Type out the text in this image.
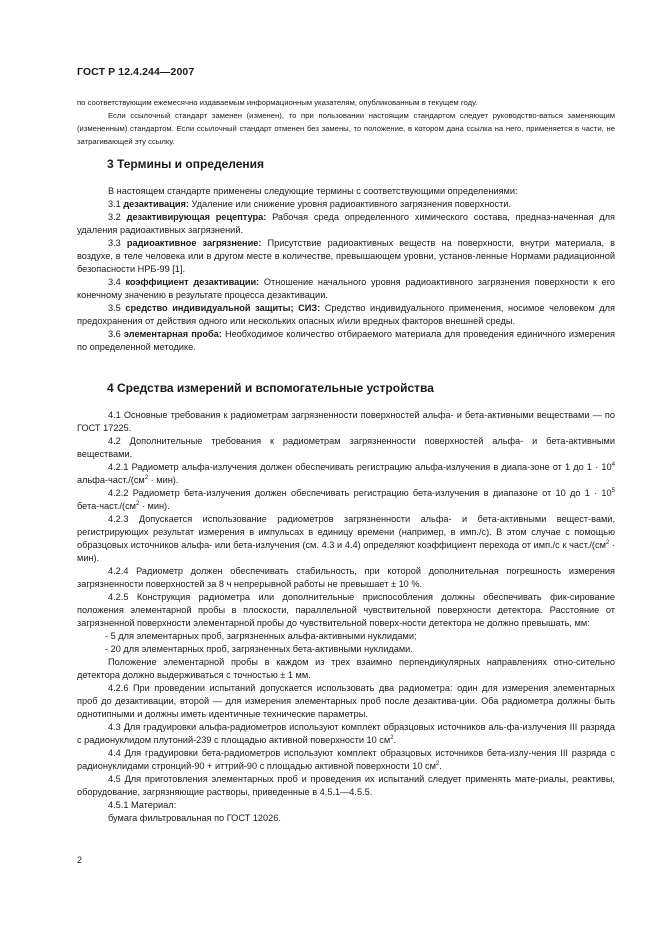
ГОСТ Р 12.4.244—2007

по соответствующим ежемесячно издаваемым информационным указателям, опубликованным в текущем году.

Если ссылочный стандарт заменен (изменен), то при пользовании настоящим стандартом следует руководство-ваться заменяющим (измененным) стандартом. Если ссылочный стандарт отменен без замены, то положение, в котором дана ссылка на него, применяется в части, не затрагивающей эту ссылку.

3 Термины и определения

В настоящем стандарте применены следующие термины с соответствующими определениями:

3.1 дезактивация: Удаление или снижение уровня радиоактивного загрязнения поверхности.

3.2 дезактивирующая рецептура: Рабочая среда определенного химического состава, предназ-наченная для удаления радиоактивных загрязнений.

3.3 радиоактивное загрязнение: Присутствие радиоактивных веществ на поверхности, внутри материала, в воздухе, в теле человека или в другом месте в количестве, превышающем уровни, установ-ленные Нормами радиационной безопасности НРБ-99 [1].

3.4 коэффициент дезактивации: Отношение начального уровня радиоактивного загрязнения поверхности к его конечному значению в результате процесса дезактивации.

3.5 средство индивидуальной защиты; СИЗ: Средство индивидуального применения, носимое человеком для предохранения от действия одного или нескольких опасных и/или вредных факторов внешней среды.

3.6 элементарная проба: Необходимое количество отбираемого материала для проведения единичного измерения по определенной методике.

4 Средства измерений и вспомогательные устройства

4.1 Основные требования к радиометрам загрязненности поверхностей альфа- и бета-активными веществами — по ГОСТ 17225.

4.2 Дополнительные требования к радиометрам загрязненности поверхностей альфа- и бета-активными веществами.

4.2.1 Радиометр альфа-излучения должен обеспечивать регистрацию альфа-излучения в диапа-зоне от 1 до $1 \cdot 10^4$ альфа-$част./(см^2 \cdot мин)$.

4.2.2 Радиометр бета-излучения должен обеспечивать регистрацию бета-излучения в диапазоне от 10 до $1 \cdot 10^5$ бета-$част./(см^2 \cdot мин)$.

4.2.3 Допускается использование радиометров загрязненности альфа- и бета-активными вещест-вами, регистрирующих результат измерения в импульсах в единицу времени (например, в имп./с). В этом случае с помощью образцовых источников альфа- или бета-излучения (см. 4.3 и 4.4) определяют коэффициент перехода от имп./с к $част./(см^2 \cdot мин)$.

4.2.4 Радиометр должен обеспечивать стабильность, при которой дополнительная погрешность измерения загрязненности поверхностей за 8 ч непрерывной работы не превышает ± 10 %.

4.2.5 Конструкция радиометра или дополнительные приспособления должны обеспечивать фик-сирование положения элементарной пробы в плоскости, параллельной чувствительной поверхности детектора. Расстояние от загрязненной поверхности элементарной пробы до чувствительной поверх-ности детектора не должно превышать, мм:

- 5 для элементарных проб, загрязненных альфа-активными нуклидами;

- 20 для элементарных проб, загрязненных бета-активными нуклидами.

Положение элементарной пробы в каждом из трех взаимно перпендикулярных направлениях отно-сительно детектора должно выдерживаться с точностью ± 1 мм.

4.2.6 При проведении испытаний допускается использовать два радиометра: один для измерения элементарных проб до дезактивации, второй — для измерения элементарных проб после дезактива-ции. Оба радиометра должны быть однотипными и должны иметь идентичные технические параметры.

4.3 Для градуировки альфа-радиометров используют комплект образцовых источников аль-фа-излучения III разряда с радионуклидом плутоний-239 с площадью активной поверхности 10 $см^2$.

4.4 Для градуировки бета-радиометров используют комплект образцовых источников бета-излу-чения III разряда с радионуклидами стронций-90 + иттрий-90 с площадью активной поверхности 10 $см^2$.

4.5 Для приготовления элементарных проб и проведения их испытаний следует применять мате-риалы, реактивы, оборудование, загрязняющие растворы, приведенные в 4.5.1—4.5.5.

4.5.1 Материал:

бумага фильтровальная по ГОСТ 12026.

2
